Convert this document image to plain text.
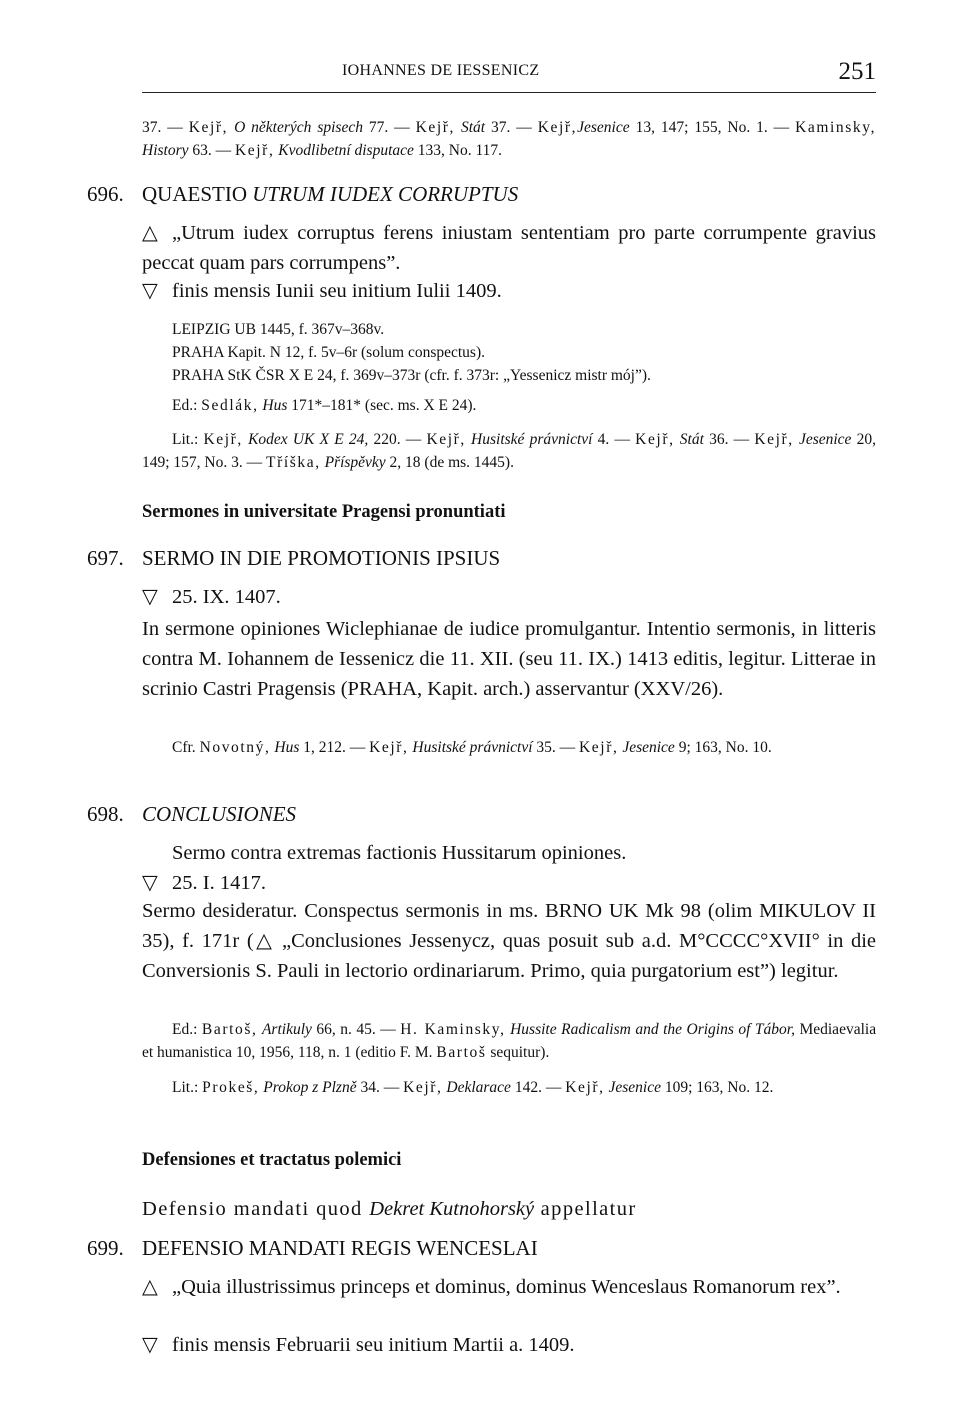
IOHANNES DE IESSENICZ	251
37. — Kejř, O některých spisech 77. — Kejř, Stát 37. — Kejř,Jesenice 13, 147; 155, No. 1. — Kaminsky, History 63. — Kejř, Kvodlibetní disputace 133, No. 117.
696. QUAESTIO UTRUM IUDEX CORRUPTUS
△ „Utrum iudex corruptus ferens iniustam sententiam pro parte corrumpente gravius peccat quam pars corrumpens”.
▽ finis mensis Iunii seu initium Iulii 1409.
LEIPZIG UB 1445, f. 367v–368v.
PRAHA Kapit. N 12, f. 5v–6r (solum conspectus).
PRAHA StK ČSR X E 24, f. 369v–373r (cfr. f. 373r: „Yessenicz mistr mój”).
Ed.: Sedlák, Hus 171*–181* (sec. ms. X E 24).
Lit.: Kejř, Kodex UK X E 24, 220. — Kejř, Husitské právnictví 4. — Kejř, Stát 36. — Kejř, Jesenice 20, 149; 157, No. 3. — Tříška, Příspěvky 2, 18 (de ms. 1445).
Sermones in universitate Pragensi pronuntiati
697. SERMO IN DIE PROMOTIONIS IPSIUS
▽ 25. IX. 1407.
In sermone opiniones Wiclephianae de iudice promulgantur. Intentio sermonis, in litteris contra M. Iohannem de Iessenicz die 11. XII. (seu 11. IX.) 1413 editis, legitur. Litterae in scrinio Castri Pragensis (PRAHA, Kapit. arch.) asservantur (XXV/26).
Cfr. Novotný, Hus 1, 212. — Kejř, Husitské právnictví 35. — Kejř, Jesenice 9; 163, No. 10.
698. CONCLUSIONES
Sermo contra extremas factionis Hussitarum opiniones.
▽ 25. I. 1417.
Sermo desideratur. Conspectus sermonis in ms. BRNO UK Mk 98 (olim MIKULOV II 35), f. 171r (△ „Conclusiones Jessenycz, quas posuit sub a.d. M°CCCC°XVII° in die Conversionis S. Pauli in lectorio ordinariarum. Primo, quia purgatorium est”) legitur.
Ed.: Bartoš, Artikuly 66, n. 45. — H. Kaminsky, Hussite Radicalism and the Origins of Tábor, Mediaevalia et humanistica 10, 1956, 118, n. 1 (editio F. M. Bartoš sequitur).
Lit.: Prokeš, Prokop z Plzně 34. — Kejř, Deklarace 142. — Kejř, Jesenice 109; 163, No. 12.
Defensiones et tractatus polemici
Defensio mandati quod Dekret Kutnohorský appellatur
699. DEFENSIO MANDATI REGIS WENCESLAI
△ „Quia illustrissimus princeps et dominus, dominus Wenceslaus Romanorum rex”.
▽ finis mensis Februarii seu initium Martii a. 1409.
